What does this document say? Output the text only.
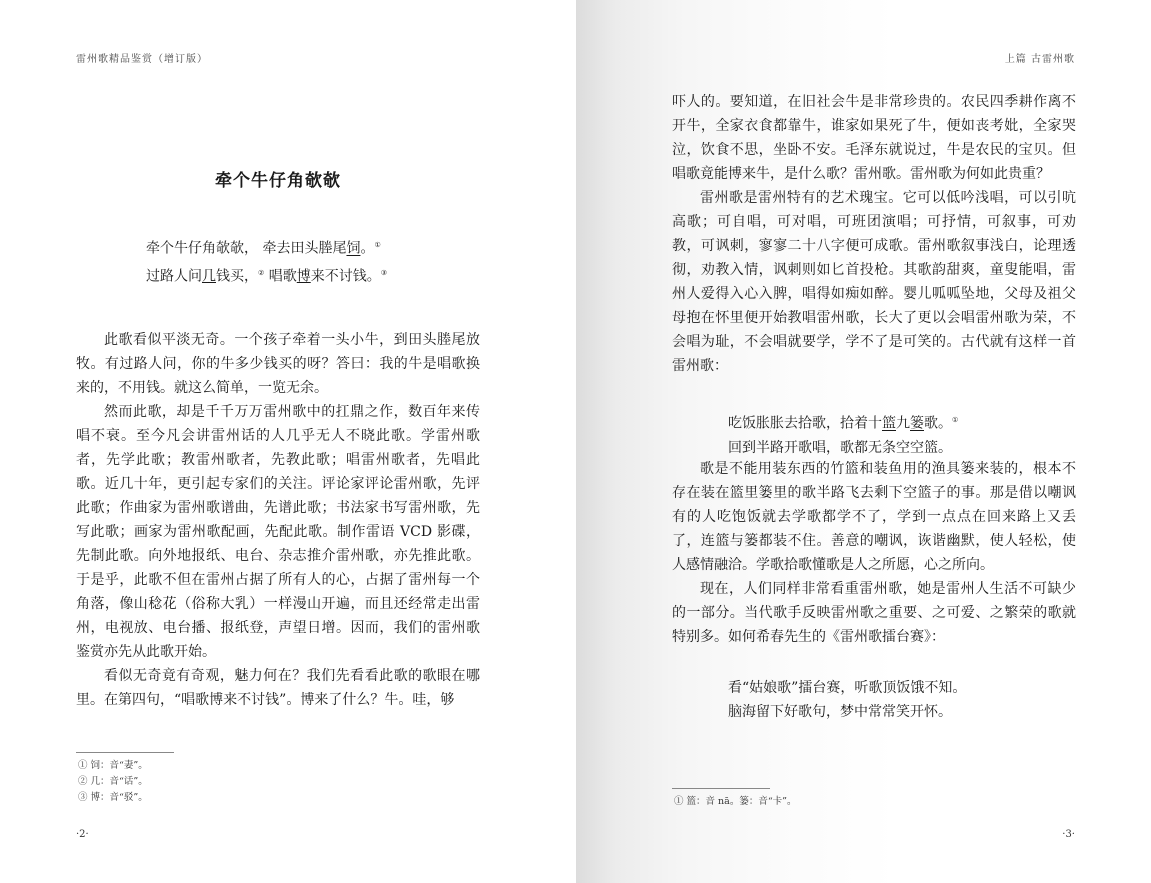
雷州歌精品鉴赏（增订版）
牵个牛仔角欹欹
牵个牛仔角欹欹， 牵去田头塍尾饲。①
过路人问几钱买，② 唱歌博来不讨钱。③

此歌看似平淡无奇。一个孩子牵着一头小牛，到田头塍尾放牧。有过路人问，你的牛多少钱买的呀？答曰：我的牛是唱歌换来的，不用钱。就这么简单，一览无余。

然而此歌，却是千千万万雷州歌中的扛鼎之作，数百年来传唱不衰。至今凡会讲雷州话的人几乎无人不晓此歌。学雷州歌者，先学此歌；教雷州歌者，先教此歌；唱雷州歌者，先唱此歌。近几十年，更引起专家们的关注。评论家评论雷州歌，先评此歌；作曲家为雷州歌谱曲，先谱此歌；书法家书写雷州歌，先写此歌；画家为雷州歌配画，先配此歌。制作雷语 VCD 影碟，先制此歌。向外地报纸、电台、杂志推介雷州歌，亦先推此歌。于是乎，此歌不但在雷州占据了所有人的心，占据了雷州每一个角落，像山稔花（俗称大乳）一样漫山开遍，而且还经常走出雷州，电视放、电台播、报纸登，声望日增。因而，我们的雷州歌鉴赏亦先从此歌开始。

看似无奇竟有奇观，魅力何在？我们先看看此歌的歌眼在哪里。在第四句，“唱歌博来不讨钱”。博来了什么？牛。哇，够

① 饲：音“妻”。
② 几：音“话”。
③ 博：音“驳”。
·2·
上篇 古雷州歌

吓人的。要知道，在旧社会牛是非常珍贵的。农民四季耕作离不开牛，全家衣食都靠牛，谁家如果死了牛，便如丧考妣，全家哭泣，饮食不思，坐卧不安。毛泽东就说过，牛是农民的宝贝。但唱歌竟能博来牛，是什么歌？雷州歌。雷州歌为何如此贵重？

雷州歌是雷州特有的艺术瑰宝。它可以低吟浅唱，可以引吭高歌；可自唱，可对唱，可班团演唱；可抒情，可叙事，可劝教，可讽刺，寥寥二十八字便可成歌。雷州歌叙事浅白，论理透彻，劝教入情，讽刺则如匕首投枪。其歌韵甜爽，童叟能唱，雷州人爱得入心入脾，唱得如痴如醉。婴儿呱呱坠地，父母及祖父母抱在怀里便开始教唱雷州歌，长大了更以会唱雷州歌为荣，不会唱为耻，不会唱就要学，学不了是可笑的。古代就有这样一首雷州歌：

吃饭胀胀去拾歌，拾着十篮九篓歌。①
回到半路开歌唱，歌都无条空空篮。

歌是不能用装东西的竹篮和装鱼用的渔具篓来装的，根本不存在装在篮里篓里的歌半路飞去剩下空篮子的事。那是借以嘲讽有的人吃饱饭就去学歌都学不了，学到一点点在回来路上又丢了，连篮与篓都装不住。善意的嘲讽，诙谐幽默，使人轻松，使人感情融洽。学歌拾歌懂歌是人之所愿，心之所向。

现在，人们同样非常看重雷州歌，她是雷州人生活不可缺少的一部分。当代歌手反映雷州歌之重要、之可爱、之繁荣的歌就特别多。如何希春先生的《雷州歌擂台赛》：

看“姑娘歌”擂台赛，听歌顶饭饿不知。
脑海留下好歌句，梦中常常笑开怀。
① 篮：音 nā。篓：音“卡”。
·3·
